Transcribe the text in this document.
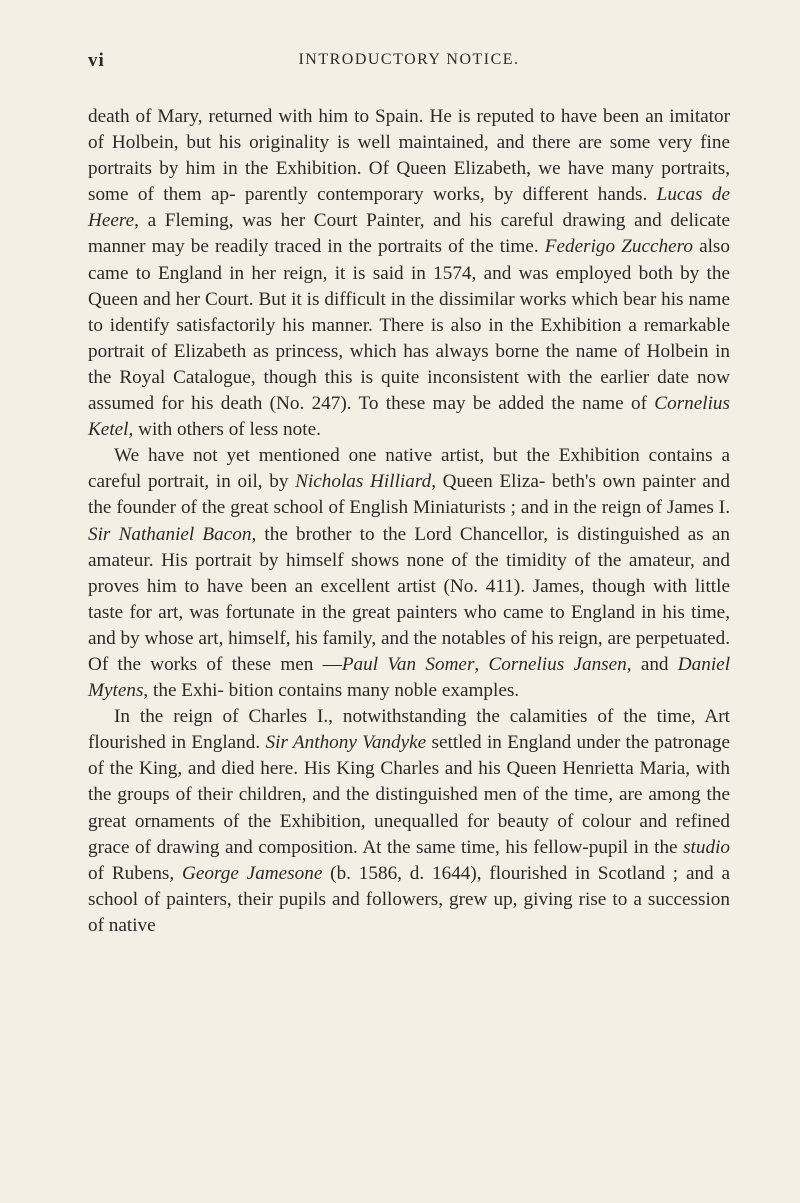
vi	INTRODUCTORY NOTICE.

death of Mary, returned with him to Spain. He is reputed to have been an imitator of Holbein, but his originality is well maintained, and there are some very fine portraits by him in the Exhibition. Of Queen Elizabeth, we have many portraits, some of them ap- parently contemporary works, by different hands. Lucas de Heere, a Fleming, was her Court Painter, and his careful drawing and delicate manner may be readily traced in the portraits of the time. Federigo Zucchero also came to England in her reign, it is said in 1574, and was employed both by the Queen and her Court. But it is difficult in the dissimilar works which bear his name to identify satisfactorily his manner. There is also in the Exhibition a remarkable portrait of Elizabeth as princess, which has always borne the name of Holbein in the Royal Catalogue, though this is quite inconsistent with the earlier date now assumed for his death (No. 247). To these may be added the name of Cornelius Ketel, with others of less note.

We have not yet mentioned one native artist, but the Exhibition contains a careful portrait, in oil, by Nicholas Hilliard, Queen Eliza- beth's own painter and the founder of the great school of English Miniaturists ; and in the reign of James I. Sir Nathaniel Bacon, the brother to the Lord Chancellor, is distinguished as an amateur. His portrait by himself shows none of the timidity of the amateur, and proves him to have been an excellent artist (No. 411). James, though with little taste for art, was fortunate in the great painters who came to England in his time, and by whose art, himself, his family, and the notables of his reign, are perpetuated. Of the works of these men —Paul Van Somer, Cornelius Jansen, and Daniel Mytens, the Exhi- bition contains many noble examples.

In the reign of Charles I., notwithstanding the calamities of the time, Art flourished in England. Sir Anthony Vandyke settled in England under the patronage of the King, and died here. His King Charles and his Queen Henrietta Maria, with the groups of their children, and the distinguished men of the time, are among the great ornaments of the Exhibition, unequalled for beauty of colour and refined grace of drawing and composition. At the same time, his fellow-pupil in the studio of Rubens, George Jamesone (b. 1586, d. 1644), flourished in Scotland ; and a school of painters, their pupils and followers, grew up, giving rise to a succession of native
